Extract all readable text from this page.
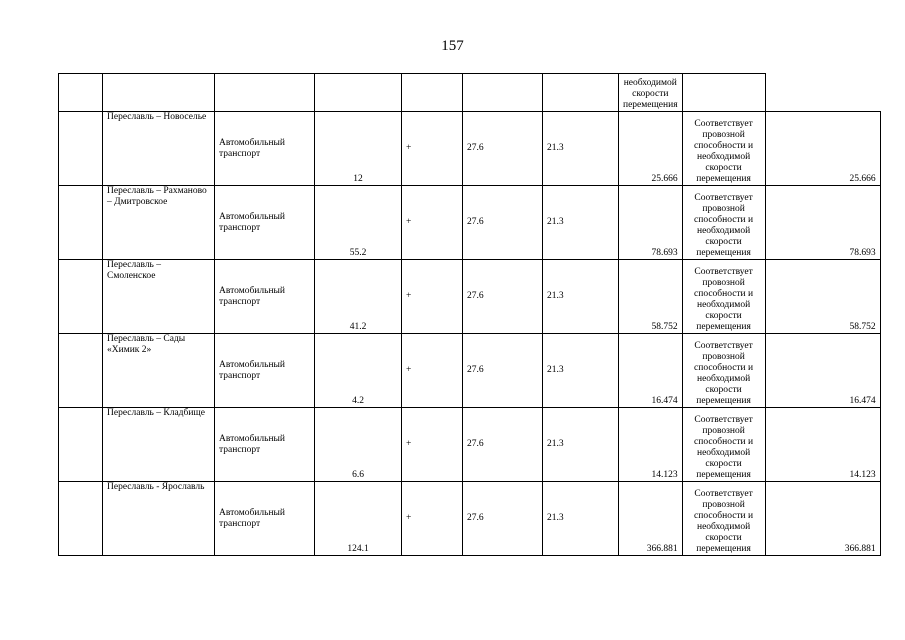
157
							необходимой
скорости
перемещения		
	Переславль – Новоселье	Автомобильный транспорт	12	+	27.6	21.3	25.666	Соответствует провозной способности и необходимой скорости перемещения	25.666
	Переславль – Рахманово – Дмитровское	Автомобильный транспорт	55.2	+	27.6	21.3	78.693	Соответствует провозной способности и необходимой скорости перемещения	78.693
	Переславль – Смоленское	Автомобильный транспорт	41.2	+	27.6	21.3	58.752	Соответствует провозной способности и необходимой скорости перемещения	58.752
	Переславль – Сады «Химик 2»	Автомобильный транспорт	4.2	+	27.6	21.3	16.474	Соответствует провозной способности и необходимой скорости перемещения	16.474
	Переславль – Кладбище	Автомобильный транспорт	6.6	+	27.6	21.3	14.123	Соответствует провозной способности и необходимой скорости перемещения	14.123
	Переславль - Ярославль	Автомобильный транспорт	124.1	+	27.6	21.3	366.881	Соответствует провозной способности и необходимой скорости перемещения	366.881
